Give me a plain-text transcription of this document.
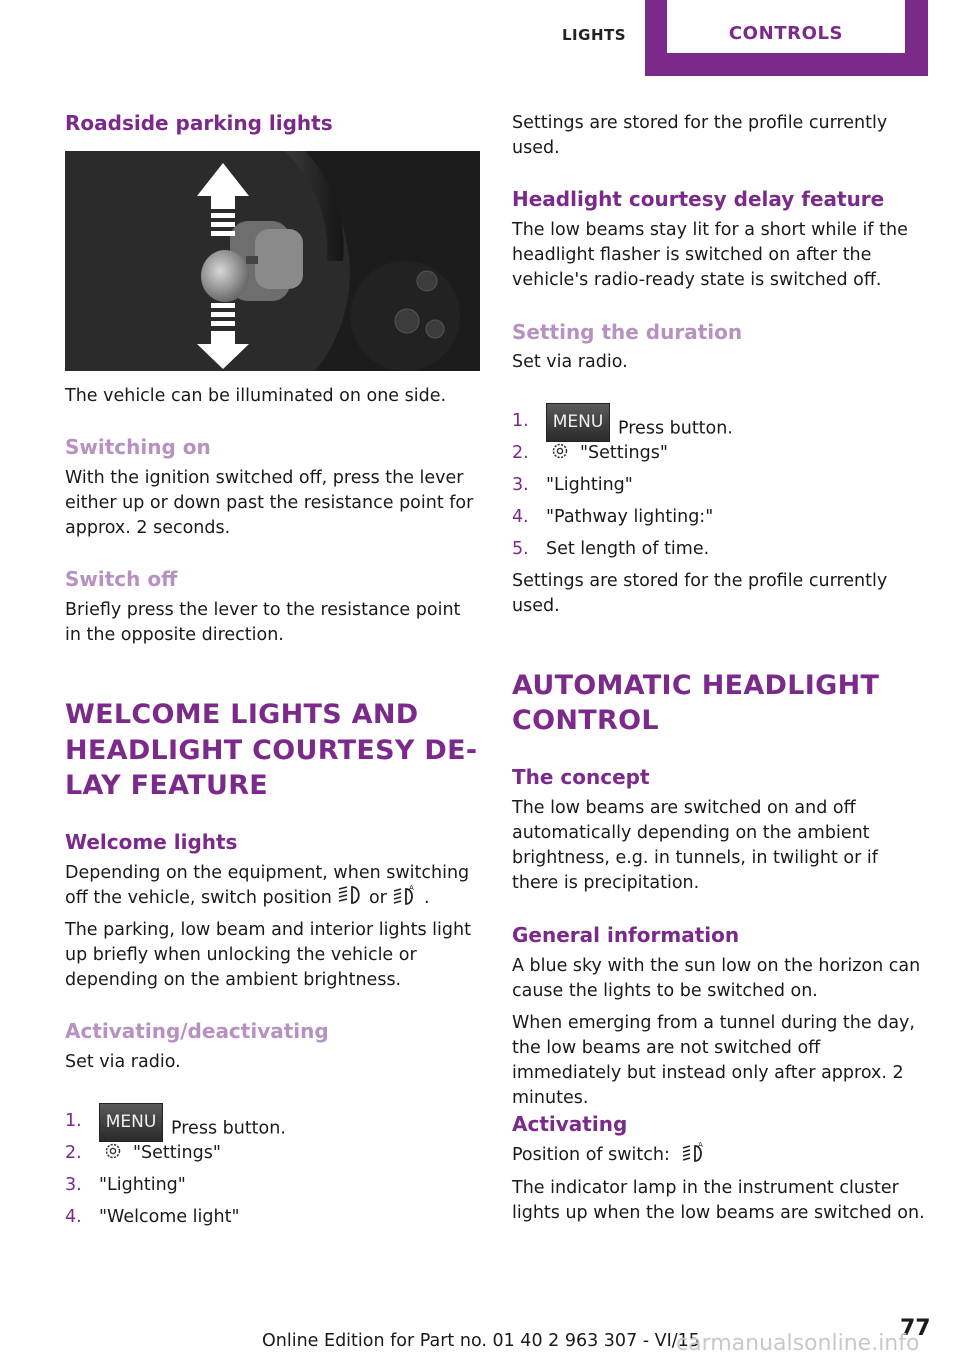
LIGHTS	CONTROLS
Roadside parking lights
The vehicle can be illuminated on one side.
Switching on
With the ignition switched off, press the lever either up or down past the resistance point for approx. 2 seconds.
Switch off
Briefly press the lever to the resistance point in the opposite direction.
WELCOME LIGHTS AND
HEADLIGHT COURTESY DE-
LAY FEATURE
Welcome lights
Depending on the equipment, when switching
off the vehicle, switch position or	A .
The parking, low beam and interior lights light up briefly when unlocking the vehicle or depending on the ambient brightness.
Activating/deactivating
Set via radio.
1.	MENU Press button.
2.	"Settings"
3. "Lighting"
4. "Welcome light"
Settings are stored for the profile currently used.
Headlight courtesy delay feature
The low beams stay lit for a short while if the headlight flasher is switched on after the vehicle's radio-ready state is switched off.
Setting the duration
Set via radio.
1.	MENU Press button.
2.	"Settings"
3. "Lighting"
4. "Pathway lighting:"
5. Set length of time.
Settings are stored for the profile currently used.
AUTOMATIC HEADLIGHT
CONTROL
The concept
The low beams are switched on and off automatically depending on the ambient brightness, e.g. in tunnels, in twilight or if there is precipitation.
General information
A blue sky with the sun low on the horizon can cause the lights to be switched on.
When emerging from a tunnel during the day, the low beams are not switched off immediately but instead only after approx. 2 minutes.
Activating
Position of switch:	A
The indicator lamp in the instrument cluster lights up when the low beams are switched on.
Online Edition for Part no. 01 40 2 963 307 - VI/15	77
carmanualsonline.info
